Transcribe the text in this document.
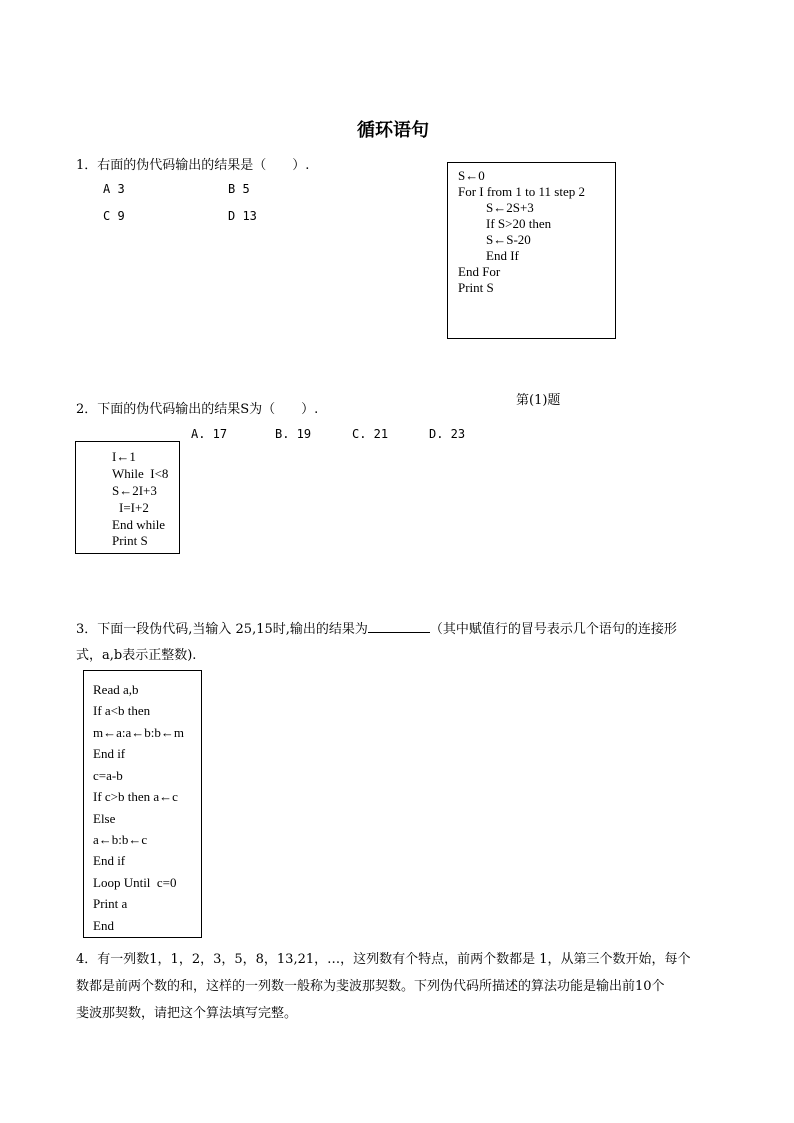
循环语句
1．右面的伪代码输出的结果是（　　）.
A 3	B 5
C 9	D 13
S←0
For I from 1 to 11 step 2
S←2S+3
If S>20 then
S←S-20
End If
End For
Print S
第(1)题
2．下面的伪代码输出的结果S为（　　）.
A. 17	B. 19	C. 21	D. 23
I←1
While  I<8
S←2I+3
I=I+2
End while
Print S
3．下面一段伪代码,当输入 25,15时,输出的结果为	（其中赋值行的冒号表示几个语句的连接形
式，a,b表示正整数).
Read a,b
If a<b then
m←a:a←b:b←m
End if
c=a-b
If c>b then a←c
Else
a←b:b←c
End if
Loop Until  c=0
Print a
End
4．有一列数1，1，2，3，5，8，13,21，…，这列数有个特点，前两个数都是 1，从第三个数开始，每个
数都是前两个数的和，这样的一列数一般称为斐波那契数。下列伪代码所描述的算法功能是输出前10个
斐波那契数，请把这个算法填写完整。
